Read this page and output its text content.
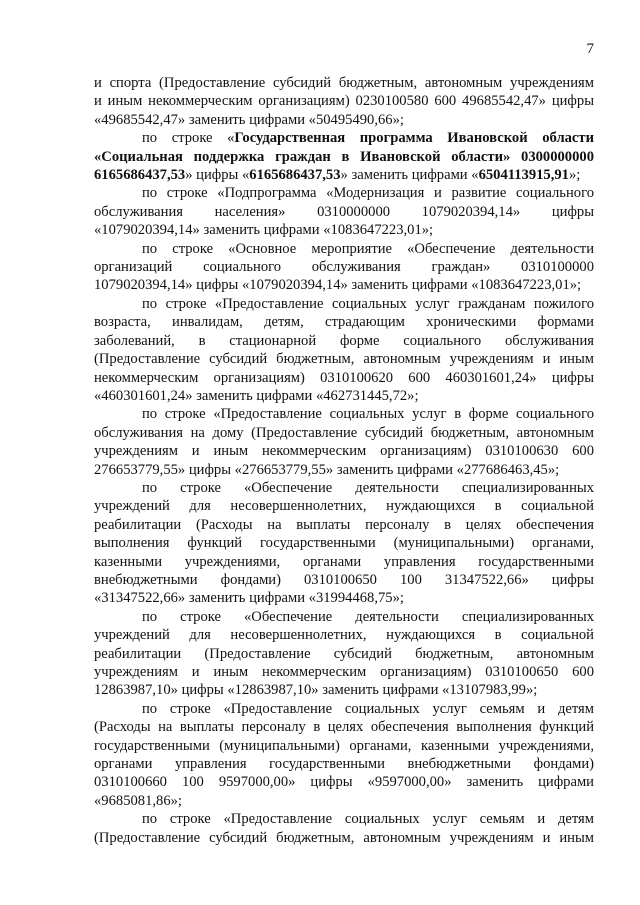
7
и спорта (Предоставление субсидий бюджетным, автономным учреждениям
и иным некоммерческим организациям) 0230100580 600 49685542,47» цифры
«49685542,47» заменить цифрами «50495490,66»;
по строке «Государственная программа Ивановской области
«Социальная поддержка граждан в Ивановской области» 0300000000
6165686437,53» цифры «6165686437,53» заменить цифрами «6504113915,91»;
по строке «Подпрограмма «Модернизация и развитие социального
обслуживания населения» 0310000000 1079020394,14» цифры
«1079020394,14» заменить цифрами «1083647223,01»;
по строке «Основное мероприятие «Обеспечение деятельности
организаций социального обслуживания граждан» 0310100000
1079020394,14» цифры «1079020394,14» заменить цифрами «1083647223,01»;
по строке «Предоставление социальных услуг гражданам пожилого
возраста, инвалидам, детям, страдающим хроническими формами
заболеваний, в стационарной форме социального обслуживания
(Предоставление субсидий бюджетным, автономным учреждениям и иным
некоммерческим организациям) 0310100620 600 460301601,24» цифры
«460301601,24» заменить цифрами «462731445,72»;
по строке «Предоставление социальных услуг в форме социального
обслуживания на дому (Предоставление субсидий бюджетным, автономным
учреждениям и иным некоммерческим организациям) 0310100630 600
276653779,55» цифры «276653779,55» заменить цифрами «277686463,45»;
по строке «Обеспечение деятельности специализированных
учреждений для несовершеннолетних, нуждающихся в социальной
реабилитации (Расходы на выплаты персоналу в целях обеспечения
выполнения функций государственными (муниципальными) органами,
казенными учреждениями, органами управления государственными
внебюджетными фондами) 0310100650 100 31347522,66» цифры
«31347522,66» заменить цифрами «31994468,75»;
по строке «Обеспечение деятельности специализированных
учреждений для несовершеннолетних, нуждающихся в социальной
реабилитации (Предоставление субсидий бюджетным, автономным
учреждениям и иным некоммерческим организациям) 0310100650 600
12863987,10» цифры «12863987,10» заменить цифрами «13107983,99»;
по строке «Предоставление социальных услуг семьям и детям
(Расходы на выплаты персоналу в целях обеспечения выполнения функций
государственными (муниципальными) органами, казенными учреждениями,
органами управления государственными внебюджетными фондами)
0310100660 100 9597000,00» цифры «9597000,00» заменить цифрами
«9685081,86»;
по строке «Предоставление социальных услуг семьям и детям
(Предоставление субсидий бюджетным, автономным учреждениям и иным
